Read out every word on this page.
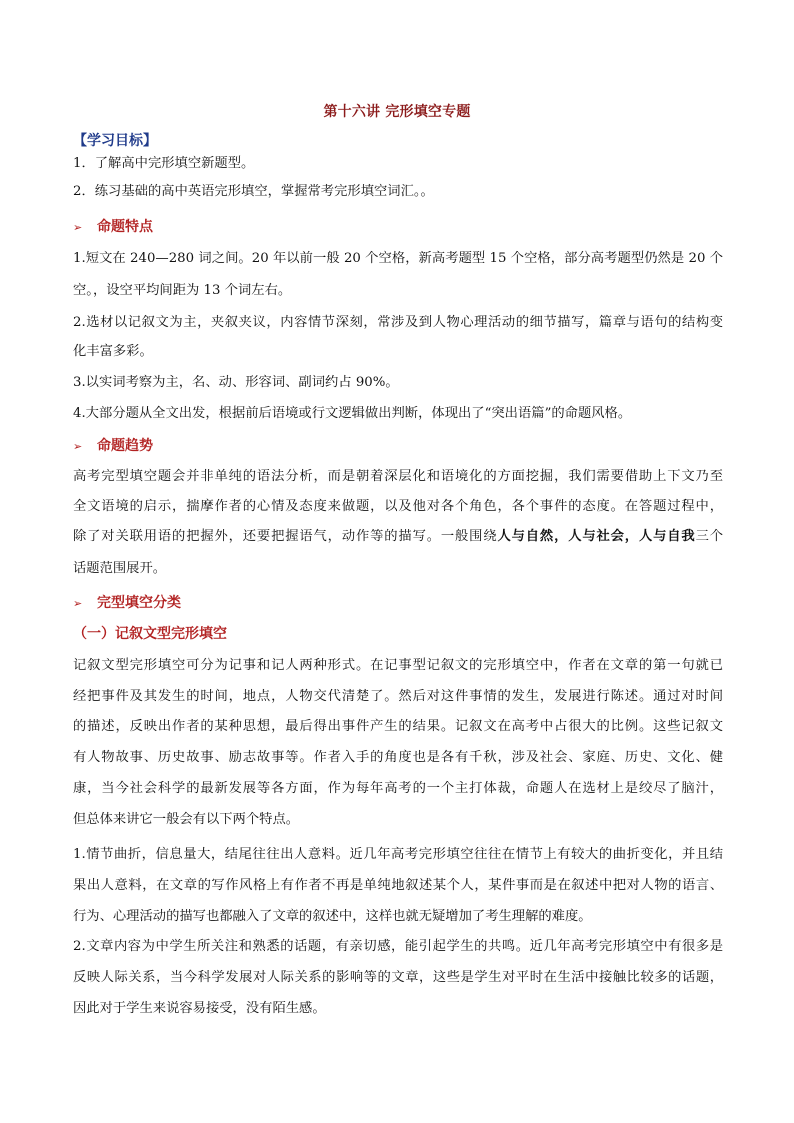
第十六讲 完形填空专题
【学习目标】
1．了解高中完形填空新题型。
2．练习基础的高中英语完形填空，掌握常考完形填空词汇。。
➢ 命题特点
1.短文在 240—280 词之间。20 年以前一般 20 个空格，新高考题型 15 个空格，部分高考题型仍然是 20 个
空。，设空平均间距为 13 个词左右。
2.选材以记叙文为主，夹叙夹议，内容情节深刻，常涉及到人物心理活动的细节描写，篇章与语句的结构变
化丰富多彩。
3.以实词考察为主，名、动、形容词、副词约占 90%。
4.大部分题从全文出发，根据前后语境或行文逻辑做出判断，体现出了“突出语篇”的命题风格。
➢ 命题趋势
高考完型填空题会并非单纯的语法分析，而是朝着深层化和语境化的方面挖掘，我们需要借助上下文乃至
全文语境的启示，揣摩作者的心情及态度来做题，以及他对各个角色，各个事件的态度。在答题过程中，
除了对关联用语的把握外，还要把握语气，动作等的描写。一般围绕人与自然，人与社会，人与自我三个
话题范围展开。
➢ 完型填空分类
（一）记叙文型完形填空
记叙文型完形填空可分为记事和记人两种形式。在记事型记叙文的完形填空中，作者在文章的第一句就已
经把事件及其发生的时间，地点，人物交代清楚了。然后对这件事情的发生，发展进行陈述。通过对时间
的描述，反映出作者的某种思想，最后得出事件产生的结果。记叙文在高考中占很大的比例。这些记叙文
有人物故事、历史故事、励志故事等。作者入手的角度也是各有千秋，涉及社会、家庭、历史、文化、健
康，当今社会科学的最新发展等各方面，作为每年高考的一个主打体裁，命题人在选材上是绞尽了脑汁，
但总体来讲它一般会有以下两个特点。
1.情节曲折，信息量大，结尾往往出人意料。近几年高考完形填空往往在情节上有较大的曲折变化，并且结
果出人意料，在文章的写作风格上有作者不再是单纯地叙述某个人，某件事而是在叙述中把对人物的语言、
行为、心理活动的描写也都融入了文章的叙述中，这样也就无疑增加了考生理解的难度。
2.文章内容为中学生所关注和熟悉的话题，有亲切感，能引起学生的共鸣。近几年高考完形填空中有很多是
反映人际关系，当今科学发展对人际关系的影响等的文章，这些是学生对平时在生活中接触比较多的话题，
因此对于学生来说容易接受，没有陌生感。
